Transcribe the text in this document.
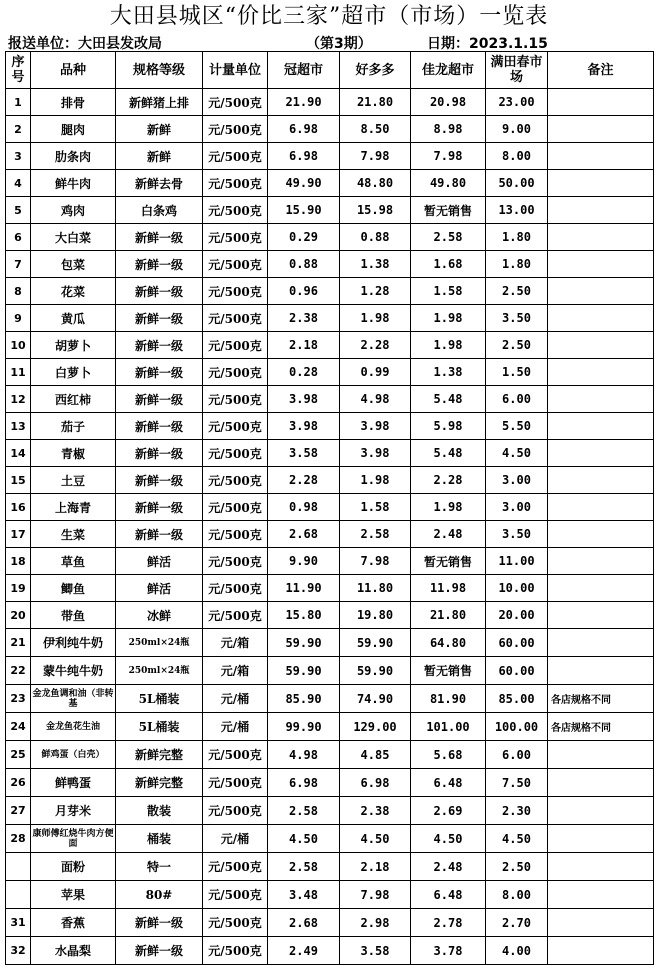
大田县城区“价比三家”超市（市场）一览表
报送单位：大田县发改局	（第3期）	日期：2023.1.15
序号	品种	规格等级	计量单位	冠超市	好多多	佳龙超市	满田春市场	备注
1	排骨	新鲜猪上排	元/500克	21.90	21.80	20.98	23.00	
2	腿肉	新鲜	元/500克	6.98	8.50	8.98	9.00	
3	肋条肉	新鲜	元/500克	6.98	7.98	7.98	8.00	
4	鲜牛肉	新鲜去骨	元/500克	49.90	48.80	49.80	50.00	
5	鸡肉	白条鸡	元/500克	15.90	15.98	暂无销售	13.00	
6	大白菜	新鲜一级	元/500克	0.29	0.88	2.58	1.80	
7	包菜	新鲜一级	元/500克	0.88	1.38	1.68	1.80	
8	花菜	新鲜一级	元/500克	0.96	1.28	1.58	2.50	
9	黄瓜	新鲜一级	元/500克	2.38	1.98	1.98	3.50	
10	胡萝卜	新鲜一级	元/500克	2.18	2.28	1.98	2.50	
11	白萝卜	新鲜一级	元/500克	0.28	0.99	1.38	1.50	
12	西红柿	新鲜一级	元/500克	3.98	4.98	5.48	6.00	
13	茄子	新鲜一级	元/500克	3.98	3.98	5.98	5.50	
14	青椒	新鲜一级	元/500克	3.58	3.98	5.48	4.50	
15	土豆	新鲜一级	元/500克	2.28	1.98	2.28	3.00	
16	上海青	新鲜一级	元/500克	0.98	1.58	1.98	3.00	
17	生菜	新鲜一级	元/500克	2.68	2.58	2.48	3.50	
18	草鱼	鲜活	元/500克	9.90	7.98	暂无销售	11.00	
19	鲫鱼	鲜活	元/500克	11.90	11.80	11.98	10.00	
20	带鱼	冰鲜	元/500克	15.80	19.80	21.80	20.00	
21	伊利纯牛奶	250ml×24瓶	元/箱	59.90	59.90	64.80	60.00	
22	蒙牛纯牛奶	250ml×24瓶	元/箱	59.90	59.90	暂无销售	60.00	
23	金龙鱼调和油（非转基	5L桶装	元/桶	85.90	74.90	81.90	85.00	各店规格不同
24	金龙鱼花生油	5L桶装	元/桶	99.90	129.00	101.00	100.00	各店规格不同
25	鲜鸡蛋（白壳）	新鲜完整	元/500克	4.98	4.85	5.68	6.00	
26	鲜鸭蛋	新鲜完整	元/500克	6.98	6.98	6.48	7.50	
27	月芽米	散装	元/500克	2.58	2.38	2.69	2.30	
28	康师傅红烧牛肉方便面	桶装	元/桶	4.50	4.50	4.50	4.50	
	面粉	特一	元/500克	2.58	2.18	2.48	2.50	
	苹果	80#	元/500克	3.48	7.98	6.48	8.00	
31	香蕉	新鲜一级	元/500克	2.68	2.98	2.78	2.70	
32	水晶梨	新鲜一级	元/500克	2.49	3.58	3.78	4.00	
